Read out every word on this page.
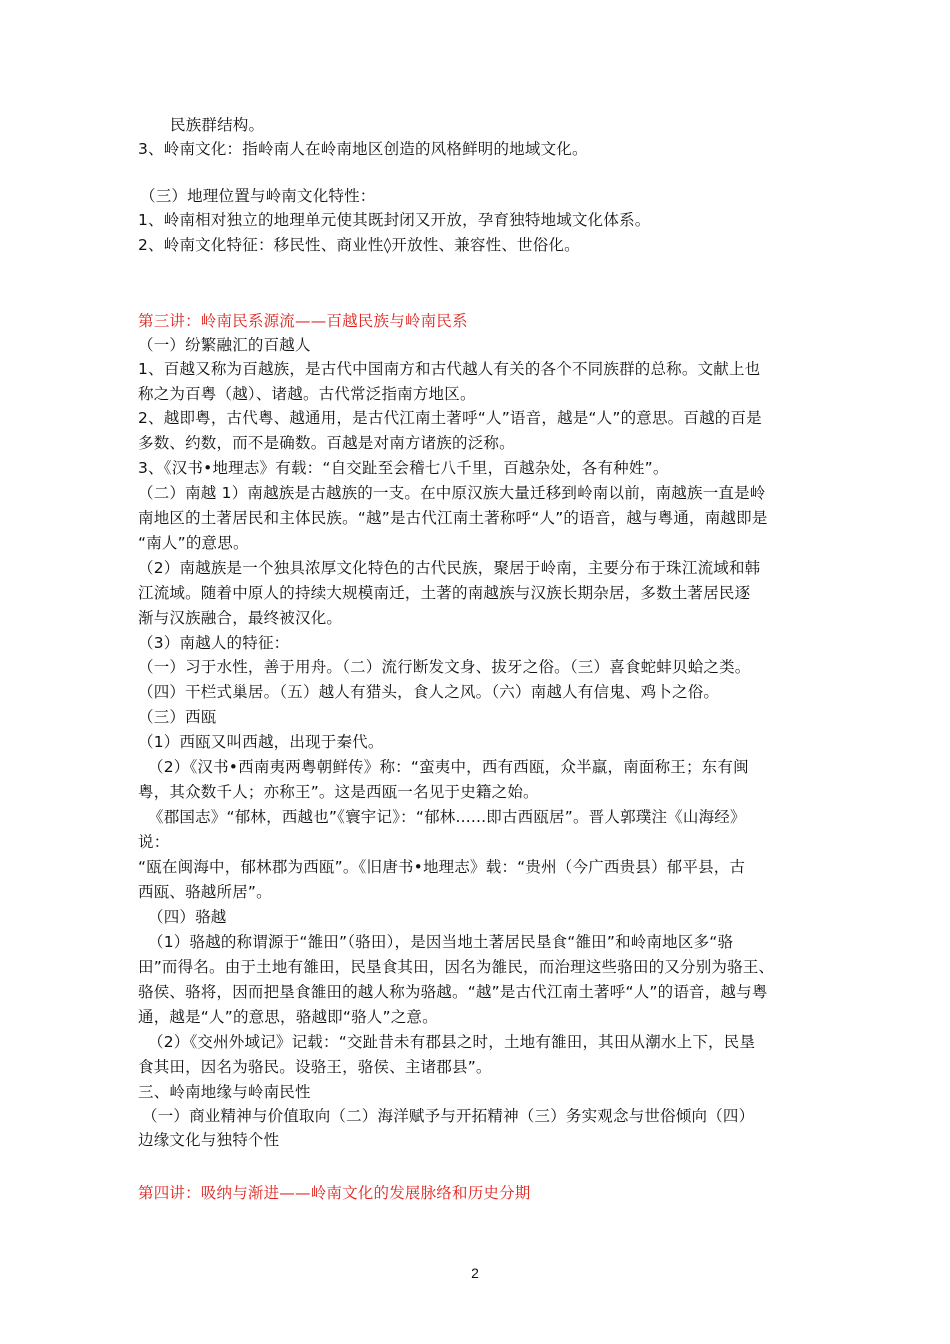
民族群结构。
3、岭南文化：指岭南人在岭南地区创造的风格鲜明的地域文化。
（三）地理位置与岭南文化特性：
1、岭南相对独立的地理单元使其既封闭又开放，孕育独特地域文化体系。
2、岭南文化特征：移民性、商业性◊开放性、兼容性、世俗化。
第三讲：岭南民系源流——百越民族与岭南民系
（一）纷繁融汇的百越人
1、百越又称为百越族，是古代中国南方和古代越人有关的各个不同族群的总称。文献上也
称之为百粤（越）、诸越。古代常泛指南方地区。
2、越即粤，古代粤、越通用，是古代江南土著呼“人”语音，越是“人”的意思。百越的百是
多数、约数，而不是确数。百越是对南方诸族的泛称。
3、《汉书•地理志》有载：“自交趾至会稽七八千里，百越杂处，各有种姓”。
（二）南越 1）南越族是古越族的一支。在中原汉族大量迁移到岭南以前，南越族一直是岭
南地区的土著居民和主体民族。“越”是古代江南土著称呼“人”的语音，越与粤通，南越即是
“南人”的意思。
（2）南越族是一个独具浓厚文化特色的古代民族，聚居于岭南，主要分布于珠江流域和韩
江流域。随着中原人的持续大规模南迁，土著的南越族与汉族长期杂居，多数土著居民逐
渐与汉族融合，最终被汉化。
（3）南越人的特征：
（一）习于水性，善于用舟。（二）流行断发文身、拔牙之俗。（三）喜食蛇蚌贝蛤之类。
（四）干栏式巢居。（五）越人有猎头，食人之风。（六）南越人有信鬼、鸡卜之俗。
（三）西瓯
（1）西瓯又叫西越，出现于秦代。
（2）《汉书•西南夷两粤朝鲜传》称：“蛮夷中，西有西瓯，众半羸，南面称王；东有闽
粤，其众数千人；亦称王”。这是西瓯一名见于史籍之始。
《郡国志》“郁林，西越也”《寰宇记》：“郁林......即古西瓯居”。晋人郭璞注《山海经》
说：
“瓯在闽海中，郁林郡为西瓯”。《旧唐书•地理志》载：“贵州（今广西贵县）郁平县，古
西瓯、骆越所居”。
（四）骆越
（1）骆越的称谓源于“雒田”（骆田），是因当地土著居民垦食“雒田”和岭南地区多“骆
田”而得名。由于土地有雒田，民垦食其田，因名为雒民，而治理这些骆田的又分别为骆王、
骆侯、骆将，因而把垦食雒田的越人称为骆越。“越”是古代江南土著呼“人”的语音，越与粤
通，越是“人”的意思，骆越即“骆人”之意。
（2）《交州外域记》记载：“交趾昔未有郡县之时，土地有雒田，其田从潮水上下，民垦
食其田，因名为骆民。设骆王，骆侯、主诸郡县”。
三、岭南地缘与岭南民性
（一）商业精神与价值取向（二）海洋赋予与开拓精神（三）务实观念与世俗倾向（四）
边缘文化与独特个性
第四讲：吸纳与渐进——岭南文化的发展脉络和历史分期
2
